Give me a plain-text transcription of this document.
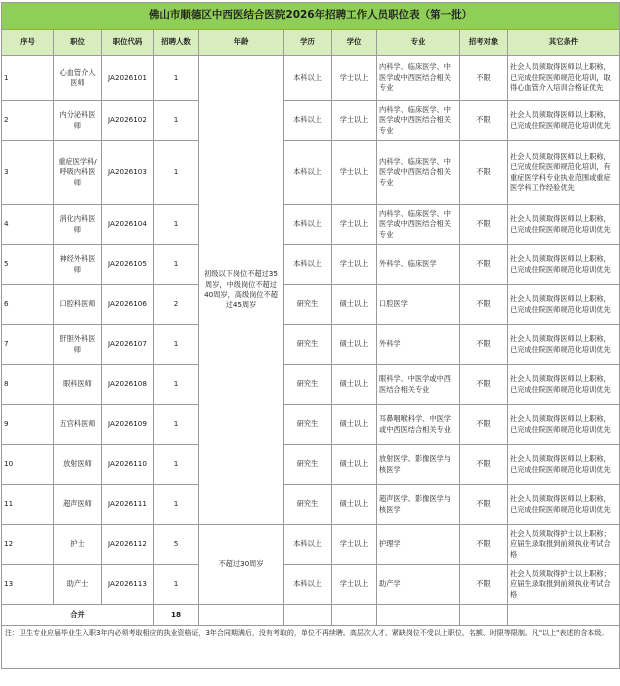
佛山市顺德区中西医结合医院2026年招聘工作人员职位表（第一批）									
序号	职位	职位代码	招聘人数	年龄	学历	学位	专业	招考对象	其它条件
1	心血管介入医师	JA2026101	1	初级以下岗位不超过35周岁，中级岗位不超过40周岁，高级岗位不超过45周岁	本科以上	学士以上	内科学、临床医学、中医学或中西医结合相关专业	不限	社会人员须取得医师以上职称，已完成住院医师规范化培训，取得心血管介入培训合格证优先
2	内分泌科医师	JA2026102	1		本科以上	学士以上	内科学、临床医学、中医学或中西医结合相关专业	不限	社会人员须取得医师以上职称，已完成住院医师规范化培训优先
3	重症医学科/呼吸内科医师	JA2026103	1		本科以上	学士以上	内科学、临床医学、中医学或中西医结合相关专业	不限	社会人员须取得医师以上职称，已完成住院医师规范化培训，有重症医学科专业执业范围或重症医学科工作经验优先
4	消化内科医师	JA2026104	1		本科以上	学士以上	内科学、临床医学、中医学或中西医结合相关专业	不限	社会人员须取得医师以上职称，已完成住院医师规范化培训优先
5	神经外科医师	JA2026105	1		本科以上	学士以上	外科学、临床医学	不限	社会人员须取得医师以上职称，已完成住院医师规范化培训优先
6	口腔科医师	JA2026106	2		研究生	硕士以上	口腔医学	不限	社会人员须取得医师以上职称，已完成住院医师规范化培训优先
7	肝胆外科医师	JA2026107	1		研究生	硕士以上	外科学	不限	社会人员须取得医师以上职称，已完成住院医师规范化培训优先
8	眼科医师	JA2026108	1		研究生	硕士以上	眼科学、中医学或中西医结合相关专业	不限	社会人员须取得医师以上职称，已完成住院医师规范化培训优先
9	五官科医师	JA2026109	1		研究生	硕士以上	耳鼻咽喉科学、中医学或中西医结合相关专业	不限	社会人员须取得医师以上职称，已完成住院医师规范化培训优先
10	放射医师	JA2026110	1		研究生	硕士以上	放射医学、影像医学与核医学	不限	社会人员须取得医师以上职称，已完成住院医师规范化培训优先
11	超声医师	JA2026111	1		研究生	硕士以上	超声医学、影像医学与核医学	不限	社会人员须取得医师以上职称，已完成住院医师规范化培训优先
12	护士	JA2026112	5	不超过30周岁	本科以上	学士以上	护理学	不限	社会人员须取得护士以上职称；应届生录取报到前须执业考试合格
13	助产士	JA2026113	1		本科以上	学士以上	助产学	不限	社会人员须取得护士以上职称；应届生录取报到前须执业考试合格
合并			18						
注：卫生专业应届毕业生入职3年内必须考取相应的执业资格证，3年合同期满后，没有考取的，单位不再续聘。高层次人才、紧缺岗位不受以上职位、名额、时限等限制。凡"以上"表述的含本级。									
